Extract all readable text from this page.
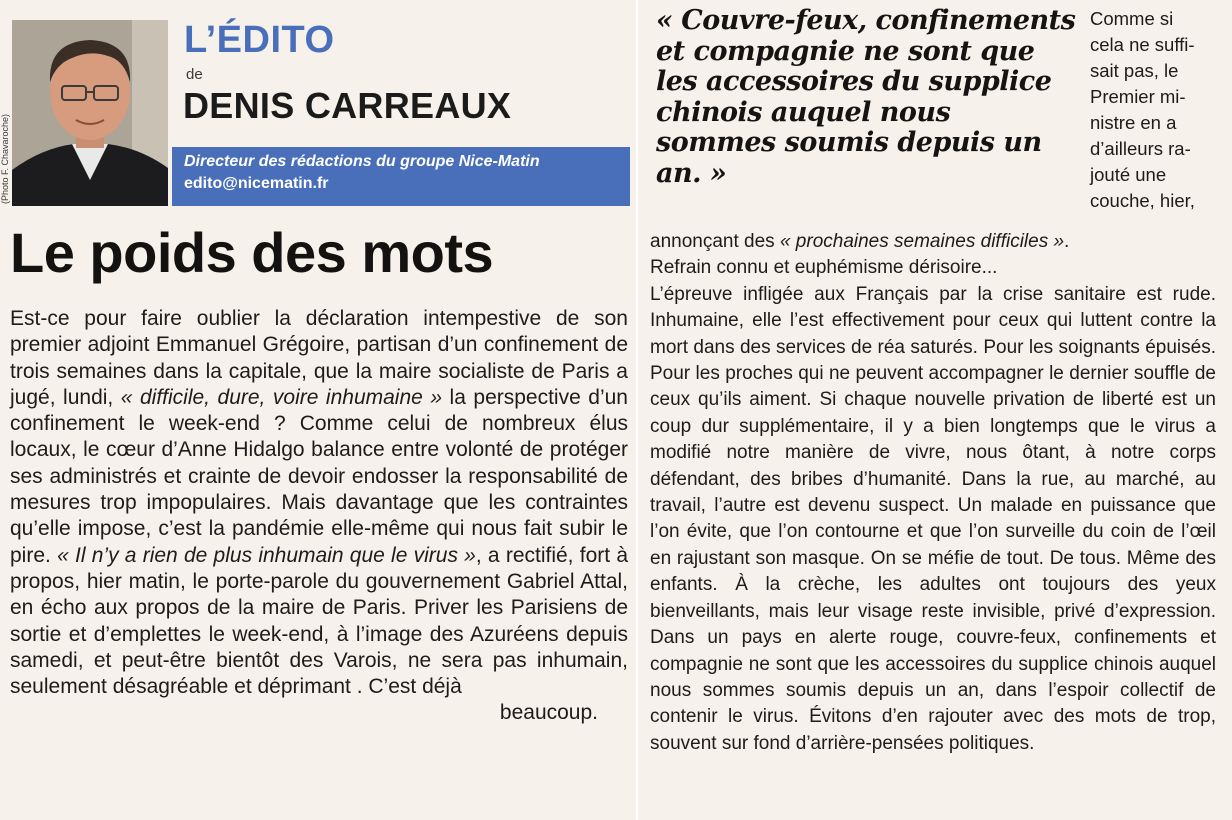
(Photo F. Chavaroche)
L’ÉDITO
de
DENIS CARREAUX
Directeur des rédactions du groupe Nice-Matin
edito@nicematin.fr
Le poids des mots

Est-ce pour faire oublier la déclaration intempestive de son premier adjoint Emmanuel Grégoire, partisan d’un confinement de trois semaines dans la capitale, que la maire socialiste de Paris a jugé, lundi, « difficile, dure, voire inhumaine » la perspective d’un confinement le week-end ? Comme celui de nombreux élus locaux, le cœur d’Anne Hidalgo balance entre volonté de protéger ses administrés et crainte de devoir endosser la responsabilité de mesures trop impopulaires. Mais davantage que les contraintes qu’elle impose, c’est la pandémie elle-même qui nous fait subir le pire. « Il n’y a rien de plus inhumain que le virus », a rectifié, fort à propos, hier matin, le porte-parole du gouvernement Gabriel Attal, en écho aux propos de la maire de Paris. Priver les Parisiens de sortie et d’emplettes le week-end, à l’image des Azuréens depuis samedi, et peut-être bientôt des Varois, ne sera pas inhumain, seulement désagréable et déprimant . C’est déjà

beaucoup.

« Couvre-feux, confinements et compagnie ne sont que les accessoires du supplice chinois auquel nous sommes soumis depuis un an. »
Comme si
cela ne suffi-
sait pas, le
Premier mi-
nistre en a
d’ailleurs ra-
jouté une
couche, hier,

annonçant des « prochaines semaines difficiles ».

Refrain connu et euphémisme dérisoire...

L’épreuve infligée aux Français par la crise sanitaire est rude. Inhumaine, elle l’est effectivement pour ceux qui luttent contre la mort dans des services de réa saturés. Pour les soignants épuisés. Pour les proches qui ne peuvent accompagner le dernier souffle de ceux qu’ils aiment. Si chaque nouvelle privation de liberté est un coup dur supplémentaire, il y a bien longtemps que le virus a modifié notre manière de vivre, nous ôtant, à notre corps défendant, des bribes d’humanité. Dans la rue, au marché, au travail, l’autre est devenu suspect. Un malade en puissance que l’on évite, que l’on contourne et que l’on surveille du coin de l’œil en rajustant son masque. On se méfie de tout. De tous. Même des enfants. À la crèche, les adultes ont toujours des yeux bienveillants, mais leur visage reste invisible, privé d’expression. Dans un pays en alerte rouge, couvre-feux, confinements et compagnie ne sont que les accessoires du supplice chinois auquel nous sommes soumis depuis un an, dans l’espoir collectif de contenir le virus. Évitons d’en rajouter avec des mots de trop, souvent sur fond d’arrière-pensées politiques.
